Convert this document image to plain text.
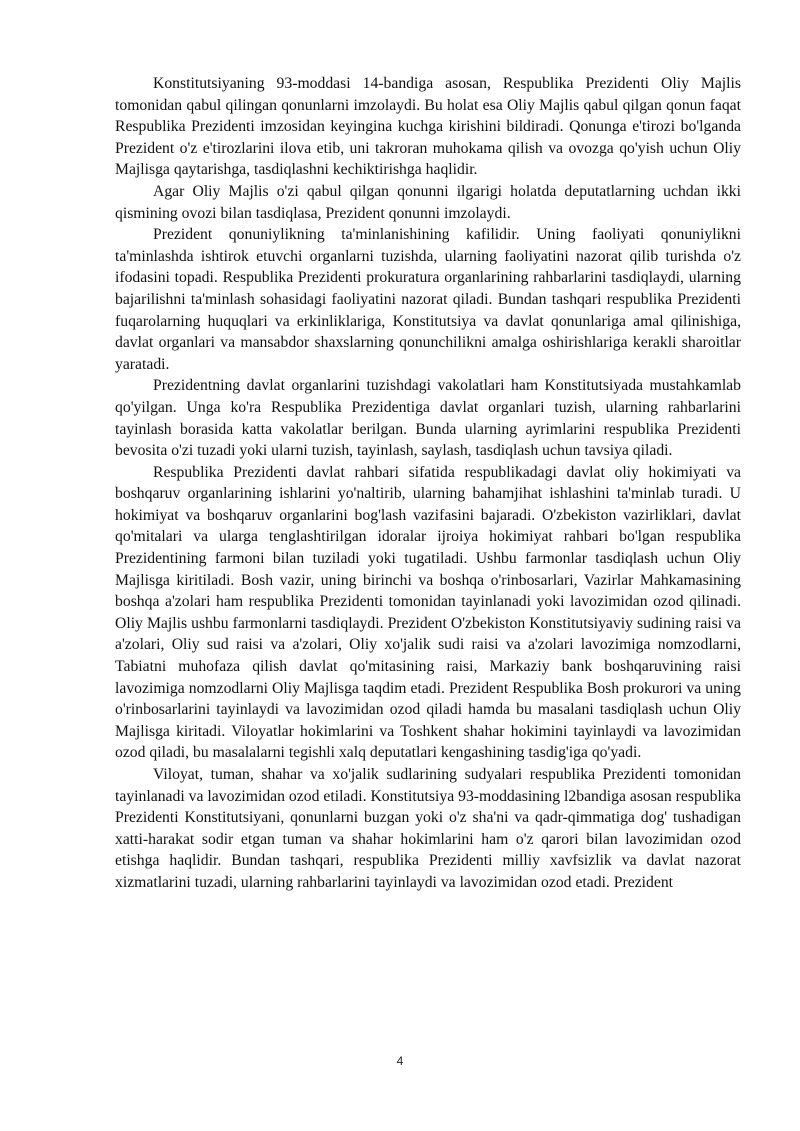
Konstitutsiyaning 93-moddasi 14-bandiga asosan, Respublika Prezidenti Oliy Majlis tomonidan qabul qilingan qonunlarni imzolaydi. Bu holat esa Oliy Majlis qabul qilgan qonun faqat Respublika Prezidenti imzosidan keyingina kuchga kirishini bildiradi. Qonunga e'tirozi bo'lganda Prezident o'z e'tirozlarini ilova etib, uni takroran muhokama qilish va ovozga qo'yish uchun Oliy Majlisga qaytarishga, tasdiqlashni kechiktirishga haqlidir.

Agar Oliy Majlis o'zi qabul qilgan qonunni ilgarigi holatda deputatlarning uchdan ikki qismining ovozi bilan tasdiqlasa, Prezident qonunni imzolaydi.

Prezident qonuniylikning ta'minlanishining kafilidir. Uning faoliyati qonuniylikni ta'minlashda ishtirok etuvchi organlarni tuzishda, ularning faoliyatini nazorat qilib turishda o'z ifodasini topadi. Respublika Prezidenti prokuratura organlarining rahbarlarini tasdiqlaydi, ularning bajarilishni ta'minlash sohasidagi faoliyatini nazorat qiladi. Bundan tashqari respublika Prezidenti fuqarolarning huquqlari va erkinliklariga, Konstitutsiya va davlat qonunlariga amal qilinishiga, davlat organlari va mansabdor shaxslarning qonunchilikni amalga oshirishlariga kerakli sharoitlar yaratadi.

Prezidentning davlat organlarini tuzishdagi vakolatlari ham Konstitutsiyada mustahkamlab qo'yilgan. Unga ko'ra Respublika Prezidentiga davlat organlari tuzish, ularning rahbarlarini tayinlash borasida katta vakolatlar berilgan. Bunda ularning ayrimlarini respublika Prezidenti bevosita o'zi tuzadi yoki ularni tuzish, tayinlash, saylash, tasdiqlash uchun tavsiya qiladi.

Respublika Prezidenti davlat rahbari sifatida respublikadagi davlat oliy hokimiyati va boshqaruv organlarining ishlarini yo'naltirib, ularning bahamjihat ishlashini ta'minlab turadi. U hokimiyat va boshqaruv organlarini bog'lash vazifasini bajaradi. O'zbekiston vazirliklari, davlat qo'mitalari va ularga tenglashtirilgan idoralar ijroiya hokimiyat rahbari bo'lgan respublika Prezidentining farmoni bilan tuziladi yoki tugatiladi. Ushbu farmonlar tasdiqlash uchun Oliy Majlisga kiritiladi. Bosh vazir, uning birinchi va boshqa o'rinbosarlari, Vazirlar Mahkamasining boshqa a'zolari ham respublika Prezidenti tomonidan tayinlanadi yoki lavozimidan ozod qilinadi. Oliy Majlis ushbu farmonlarni tasdiqlaydi. Prezident O'zbekiston Konstitutsiyaviy sudining raisi va a'zolari, Oliy sud raisi va a'zolari, Oliy xo'jalik sudi raisi va a'zolari lavozimiga nomzodlarni, Tabiatni muhofaza qilish davlat qo'mitasining raisi, Markaziy bank boshqaruvining raisi lavozimiga nomzodlarni Oliy Majlisga taqdim etadi. Prezident Respublika Bosh prokurori va uning o'rinbosarlarini tayinlaydi va lavozimidan ozod qiladi hamda bu masalani tasdiqlash uchun Oliy Majlisga kiritadi. Viloyatlar hokimlarini va Toshkent shahar hokimini tayinlaydi va lavozimidan ozod qiladi, bu masalalarni tegishli xalq deputatlari kengashining tasdig'iga qo'yadi.

Viloyat, tuman, shahar va xo'jalik sudlarining sudyalari respublika Prezidenti tomonidan tayinlanadi va lavozimidan ozod etiladi. Konstitutsiya 93-moddasining l2bandiga asosan respublika Prezidenti Konstitutsiyani, qonunlarni buzgan yoki o'z sha'ni va qadr-qimmatiga dog' tushadigan xatti-harakat sodir etgan tuman va shahar hokimlarini ham o'z qarori bilan lavozimidan ozod etishga haqlidir. Bundan tashqari, respublika Prezidenti milliy xavfsizlik va davlat nazorat xizmatlarini tuzadi, ularning rahbarlarini tayinlaydi va lavozimidan ozod etadi. Prezident

4
